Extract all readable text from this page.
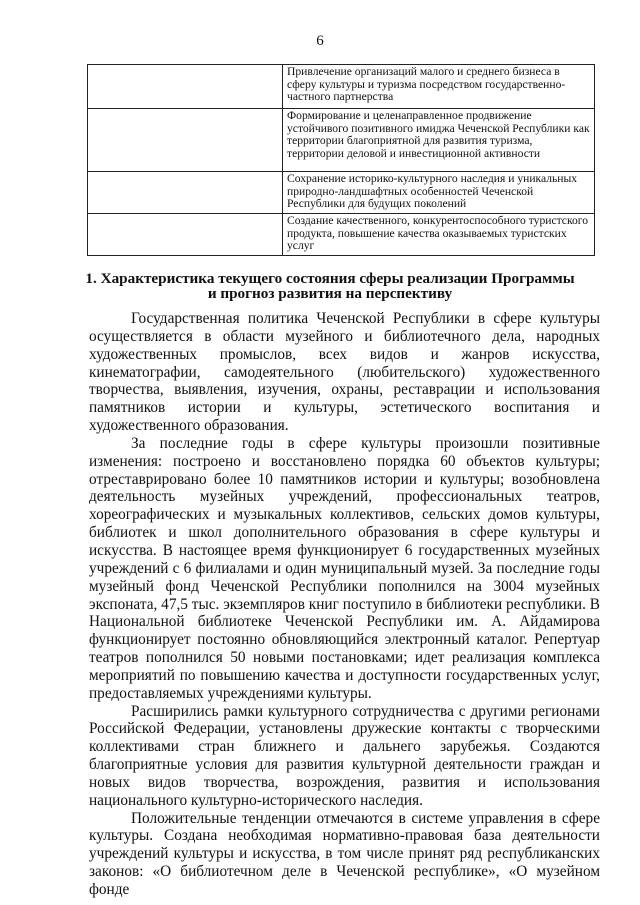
6
	Привлечение организаций малого и среднего бизнеса в сферу культуры и туризма посредством государственно-частного партнерства
	Формирование и целенаправленное продвижение устойчивого позитивного имиджа Чеченской Республики как территории благоприятной для развития туризма, территории деловой и инвестиционной активности
	Сохранение историко-культурного наследия и уникальных природно-ландшафтных особенностей Чеченской Республики для будущих поколений
	Создание качественного, конкурентоспособного туристского продукта, повышение качества оказываемых туристских услуг
1. Характеристика текущего состояния сферы реализации Программы
и прогноз развития на перспективу

Государственная политика Чеченской Республики в сфере культуры осуществляется в области музейного и библиотечного дела, народных художественных промыслов, всех видов и жанров искусства, кинематографии, самодеятельного (любительского) художественного творчества, выявления, изучения, охраны, реставрации и использования памятников истории и культуры, эстетического воспитания и художественного образования.

За последние годы в сфере культуры произошли позитивные изменения: построено и восстановлено порядка 60 объектов культуры; отреставрировано более 10 памятников истории и культуры; возобновлена деятельность музейных учреждений, профессиональных театров, хореографических и музыкальных коллективов, сельских домов культуры, библиотек и школ дополнительного образования в сфере культуры и искусства. В настоящее время функционирует 6 государственных музейных учреждений с 6 филиалами и один муниципальный музей. За последние годы музейный фонд Чеченской Республики пополнился на 3004 музейных экспоната, 47,5 тыс. экземпляров книг поступило в библиотеки республики. В Национальной библиотеке Чеченской Республики им. А. Айдамирова функционирует постоянно обновляющийся электронный каталог. Репертуар театров пополнился 50 новыми постановками; идет реализация комплекса мероприятий по повышению качества и доступности государственных услуг, предоставляемых учреждениями культуры.

Расширились рамки культурного сотрудничества с другими регионами Российской Федерации, установлены дружеские контакты с творческими коллективами стран ближнего и дальнего зарубежья. Создаются благоприятные условия для развития культурной деятельности граждан и новых видов творчества, возрождения, развития и использования национального культурно-исторического наследия.

Положительные тенденции отмечаются в системе управления в сфере культуры. Создана необходимая нормативно-правовая база деятельности учреждений культуры и искусства, в том числе принят ряд республиканских законов: «О библиотечном деле в Чеченской республике», «О музейном фонде
